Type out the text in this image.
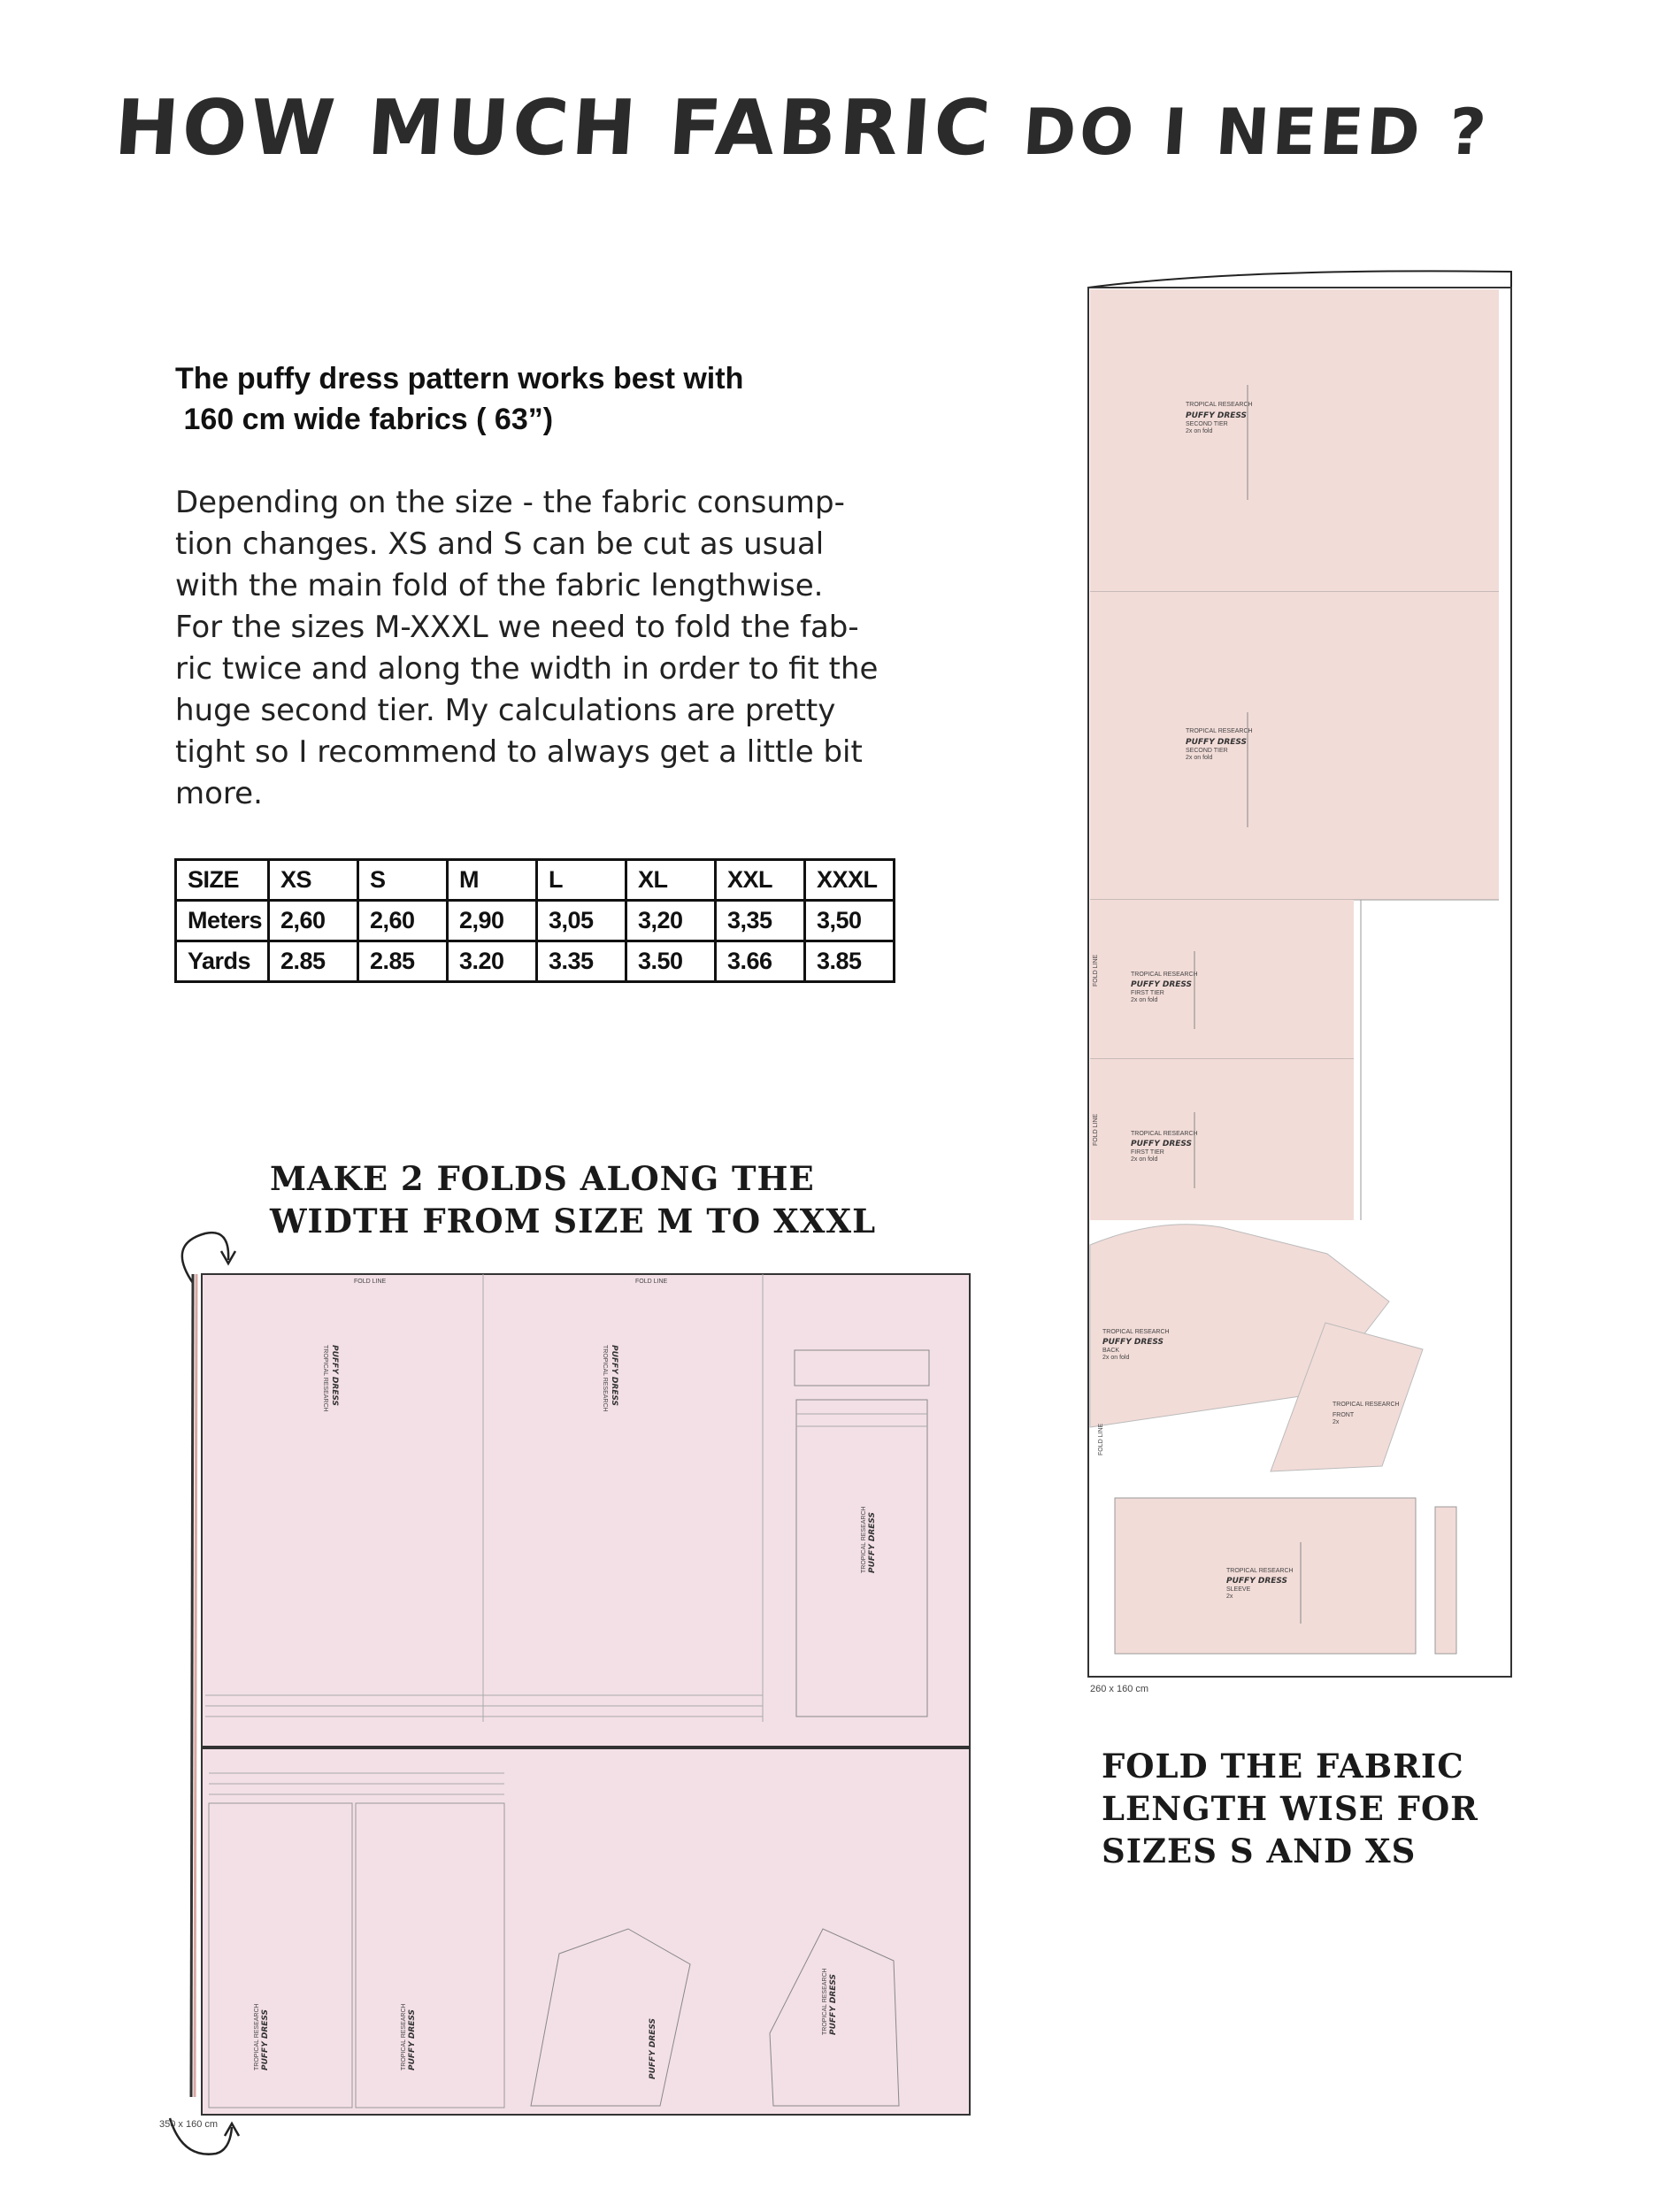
HOW MUCH FABRIC DO I NEED ?
The puffy dress pattern works best with
160 cm wide fabrics ( 63”)
Depending on the size - the fabric consump-
tion changes. XS and S can be cut as usual
with the main fold of the fabric lengthwise.
For the sizes M-XXXL we need to fold the fab-
ric twice and along the width in order to fit the
huge second tier. My calculations are pretty
tight so I recommend to always get a little bit
more.
SIZE	XS	S	M	L	XL	XXL	XXXL
Meters	2,60	2,60	2,90	3,05	3,20	3,35	3,50
Yards	2.85	2.85	3.20	3.35	3.50	3.66	3.85
MAKE 2 FOLDS ALONG THE
WIDTH FROM SIZE M TO XXXL
FOLD THE FABRIC
LENGTH WISE FOR
SIZES S AND XS
TROPICAL RESEARCH
PUFFY DRESS
SECOND TIER
2x on fold
TROPICAL RESEARCH
PUFFY DRESS
SECOND TIER
2x on fold
TROPICAL RESEARCH
PUFFY DRESS
FIRST TIER
2x on fold
TROPICAL RESEARCH
PUFFY DRESS
FIRST TIER
2x on fold
TROPICAL RESEARCH
PUFFY DRESS
BACK
2x on fold
TROPICAL RESEARCH
FRONT
2x
TROPICAL RESEARCH
PUFFY DRESS
SLEEVE
2x
FOLD LINE
FOLD LINE
FOLD LINE
260 x 160 cm
FOLD LINE	FOLD LINE
PUFFY DRESS
TROPICAL RESEARCH	PUFFY DRESS
TROPICAL RESEARCH
PUFFY DRESS
TROPICAL RESEARCH
PUFFY DRESS
TROPICAL RESEARCH	PUFFY DRESS
TROPICAL RESEARCH	PUFFY DRESS
PUFFY DRESS
TROPICAL RESEARCH
350 x 160 cm
